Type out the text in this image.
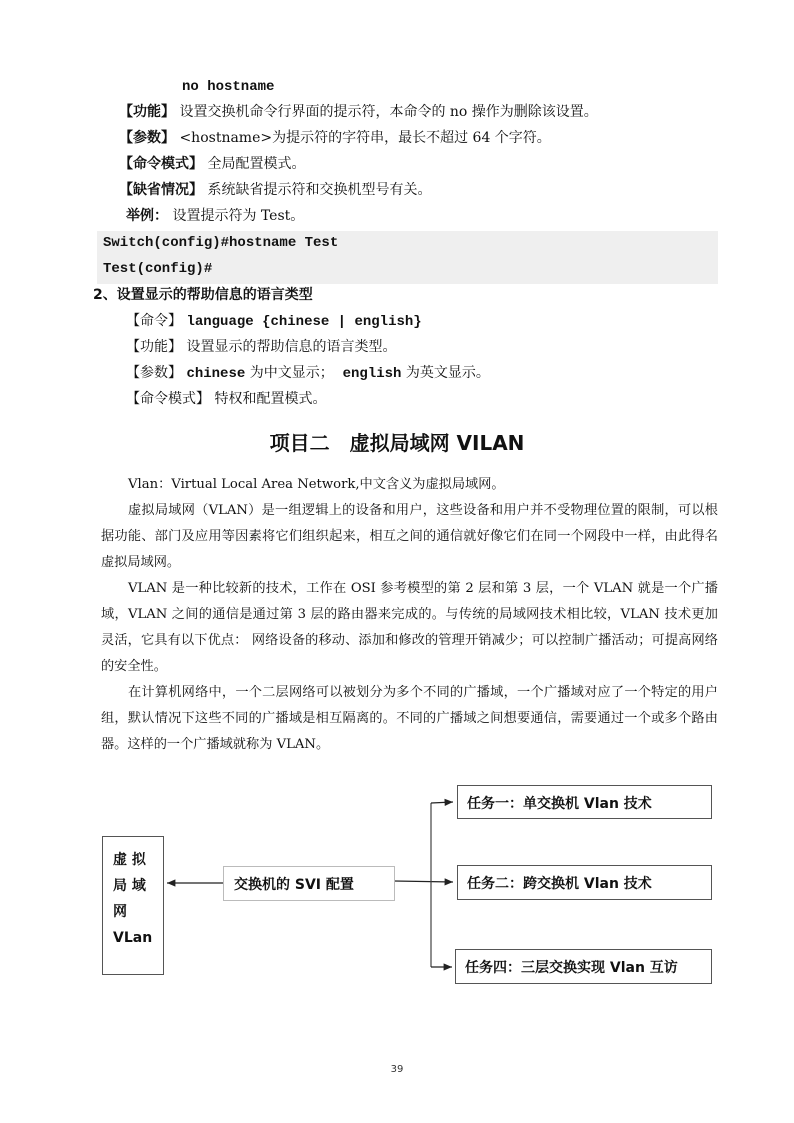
no hostname
【功能】 设置交换机命令行界面的提示符，本命令的 no 操作为删除该设置。
【参数】 <hostname>为提示符的字符串，最长不超过 64 个字符。
【命令模式】 全局配置模式。
【缺省情况】 系统缺省提示符和交换机型号有关。
举例： 设置提示符为 Test。
Switch(config)#hostname Test
Test(config)#
2、设置显示的帮助信息的语言类型
【命令】 language {chinese | english}
【功能】 设置显示的帮助信息的语言类型。
【参数】 chinese 为中文显示；  english 为英文显示。
【命令模式】 特权和配置模式。
项目二　虚拟局域网 VILAN
Vlan：Virtual Local Area Network,中文含义为虚拟局域网。
虚拟局域网（VLAN）是一组逻辑上的设备和用户，这些设备和用户并不受物理位置的限制，可以根据功能、部门及应用等因素将它们组织起来，相互之间的通信就好像它们在同一个网段中一样，由此得名虚拟局域网。
VLAN 是一种比较新的技术，工作在 OSI 参考模型的第 2 层和第 3 层，一个 VLAN 就是一个广播域，VLAN 之间的通信是通过第 3 层的路由器来完成的。与传统的局域网技术相比较，VLAN 技术更加灵活，它具有以下优点： 网络设备的移动、添加和修改的管理开销减少；可以控制广播活动；可提高网络的安全性。
在计算机网络中，一个二层网络可以被划分为多个不同的广播域，一个广播域对应了一个特定的用户组，默认情况下这些不同的广播域是相互隔离的。不同的广播域之间想要通信，需要通过一个或多个路由器。这样的一个广播域就称为 VLAN。
虚 拟
局 域
网
VLan
交换机的 SVI 配置
任务一：单交换机 Vlan 技术
任务二：跨交换机 Vlan 技术
任务四：三层交换实现 Vlan 互访
39
